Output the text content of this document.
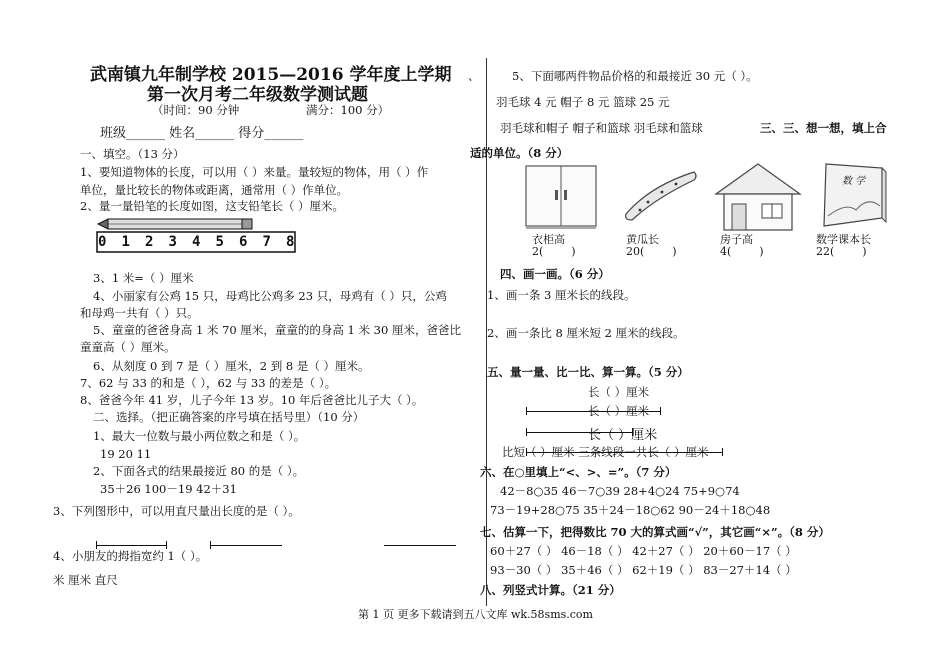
武南镇九年制学校 2015—2016 学年度上学期
第一次月考二年级数学测试题
（时间：90 分钟	满分：100 分）
班级______ 姓名______ 得分______
一、填空。（13 分）
1、要知道物体的长度，可以用（ ）来量。量较短的物体，用（ ）作
单位，量比较长的物体或距离，通常用（ ）作单位。
2、量一量铅笔的长度如图，这支铅笔长（ ）厘米。
0 1 2 3 4 5 6 7 8
3、1 米=（ ）厘米
4、小丽家有公鸡 15 只，母鸡比公鸡多 23 只，母鸡有（ ）只，公鸡
和母鸡一共有（ ）只。
5、童童的爸爸身高 1 米 70 厘米，童童的的身高 1 米 30 厘米，爸爸比
童童高（ ）厘米。
6、从刻度 0 到 7 是（ ）厘米，2 到 8 是（ ）厘米。
7、62 与 33 的和是（ ），62 与 33 的差是（ ）。
8、爸爸今年 41 岁，儿子今年 13 岁。10 年后爸爸比儿子大（ ）。
二、选择。（把正确答案的序号填在括号里）（10 分）
1、最大一位数与最小两位数之和是（ ）。
19 20 11
2、下面各式的结果最接近 80 的是（ ）。
35＋26 100－19 42＋31
3、下列图形中，可以用直尺量出长度的是（ ）。
4、小朋友的拇指宽约 1（ ）。
米 厘米 直尺
、	5、下面哪两件物品价格的和最接近 30 元（ ）。
羽毛球 4 元 帽子 8 元 篮球 25 元
羽毛球和帽子 帽子和篮球 羽毛球和篮球	三、三、想一想，填上合
适的单位。（8 分）
衣柜高
2(        )
黄瓜长
20(        )
房子高
4(        )
数 学
数学课本长
22(        )
四、画一画。（6 分）
1、画一条 3 厘米长的线段。
2、画一条比 8 厘米短 2 厘米的线段。
五、量一量、比一比、算一算。（5 分）
长（ ）厘米
长（ ）厘米
长（ ）厘米
比短（ ）厘米 三条线段一共长（ ）厘米
六、在○里填上“<、>、=”。（7 分）
42－8○35 46－7○39 28+4○24 75+9○74
73－19+28○75 35＋24－18○62 90－24＋18○48
七、估算一下，把得数比 70 大的算式画“√”，其它画“×”。（8 分）
60＋27（ ） 46－18（ ） 42＋27（ ） 20＋60－17（ ）
93－30（ ） 35＋46（ ） 62＋19（ ） 83－27＋14（ ）
八、列竖式计算。（21 分）
第 1 页 更多下载请到五八文库 wk.58sms.com
